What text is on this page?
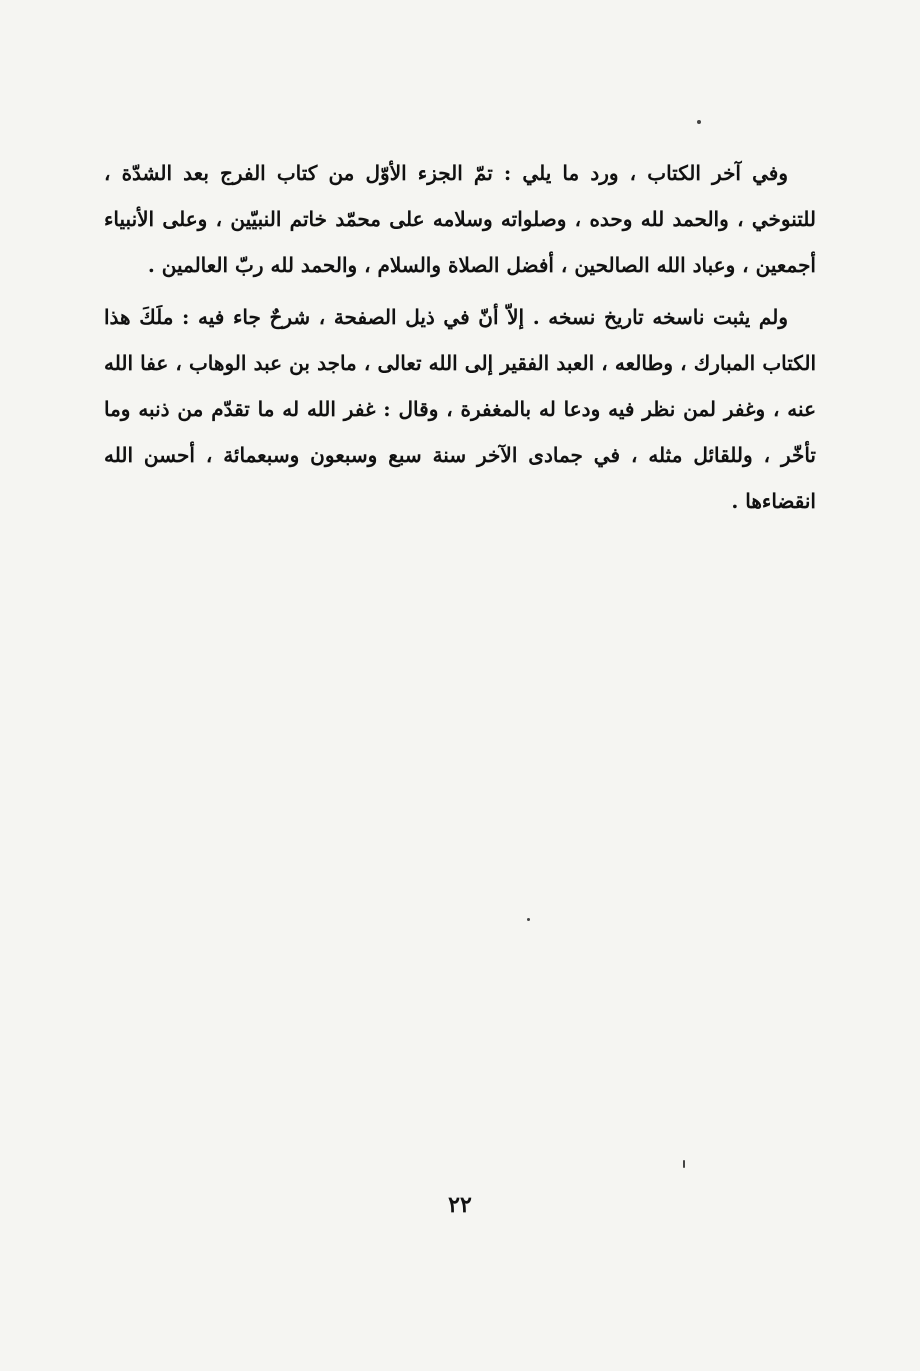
وفي آخر الكتاب ، ورد ما يلي : تمّ الجزء الأوّل من كتاب الفرج بعد الشدّة ، للتنوخي ، والحمد لله وحده ، وصلواته وسلامه على محمّد خاتم النبيّين ، وعلى الأنبياء أجمعين ، وعباد الله الصالحين ، أفضل الصلاة والسلام ، والحمد لله ربّ العالمين .

ولم يثبت ناسخه تاريخ نسخه . إلاّ أنّ في ذيل الصفحة ، شرحٌ جاء فيه : ملَكَ هذا الكتاب المبارك ، وطالعه ، العبد الفقير إلى الله تعالى ، ماجد بن عبد الوهاب ، عفا الله عنه ، وغفر لمن نظر فيه ودعا له بالمغفرة ، وقال : غفر الله له ما تقدّم من ذنبه وما تأخّر ، وللقائل مثله ، في جمادى الآخر سنة سبع وسبعون وسبعمائة ، أحسن الله انقضاءها .

٢٢
